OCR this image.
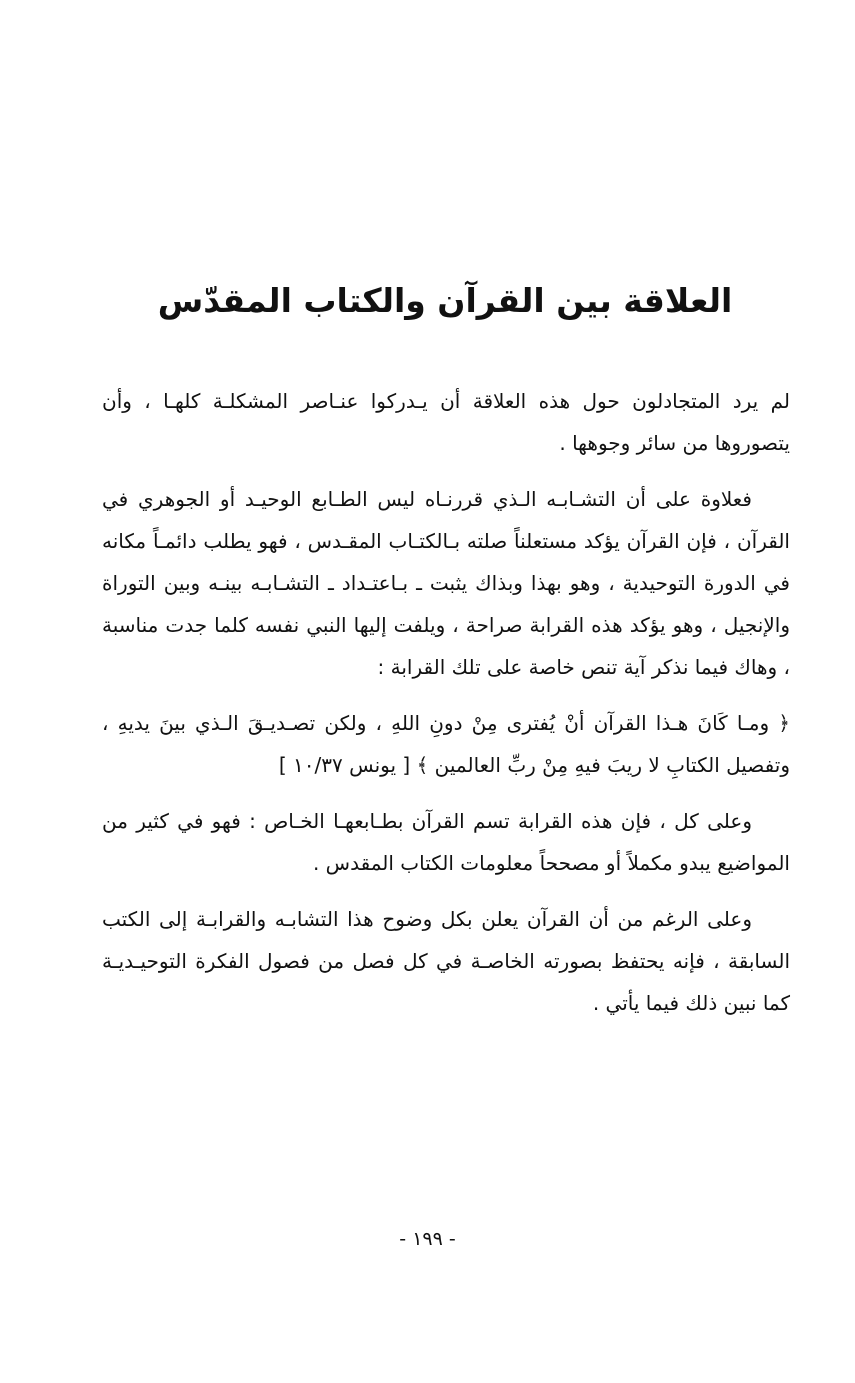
العلاقة بين القرآن والكتاب المقدّس

لم يرد المتجادلون حول هذه العلاقة أن يـدركوا عنـاصر المشكلـة كلهـا ، وأن يتصوروها من سائر وجوهها .

فعلاوة على أن التشـابـه الـذي قررنـاه ليس الطـابع الوحيـد أو الجوهري في القرآن ، فإن القرآن يؤكد مستعلناً صلته بـالكتـاب المقـدس ، فهو يطلب دائمـاً مكانه في الدورة التوحيدية ، وهو بهذا وبذاك يثبت ـ بـاعتـداد ـ التشـابـه بينـه وبين التوراة والإنجيل ، وهو يؤكد هذه القرابة صراحة ، ويلفت إليها النبي نفسه كلما جدت مناسبة ، وهاك فيما نذكر آية تنص خاصة على تلك القرابة :

﴿ ومـا كَانَ هـذا القرآن أنْ يُفترى مِنْ دونِ اللهِ ، ولكن تصـديـقَ الـذي بينَ يديهِ ، وتفصيل الكتابِ لا ريبَ فيهِ مِنْ ربِّ العالمين ﴾ [ يونس ١٠/٣٧ ]

وعلى كل ، فإن هذه القرابة تسم القرآن بطـابعهـا الخـاص : فهو في كثير من المواضيع يبدو مكملاً أو مصححاً معلومات الكتاب المقدس .

وعلى الرغم من أن القرآن يعلن بكل وضوح هذا التشابـه والقرابـة إلى الكتب السابقة ، فإنه يحتفظ بصورته الخاصـة في كل فصل من فصول الفكرة التوحيـديـة كما نبين ذلك فيما يأتي .

- ١٩٩ -
